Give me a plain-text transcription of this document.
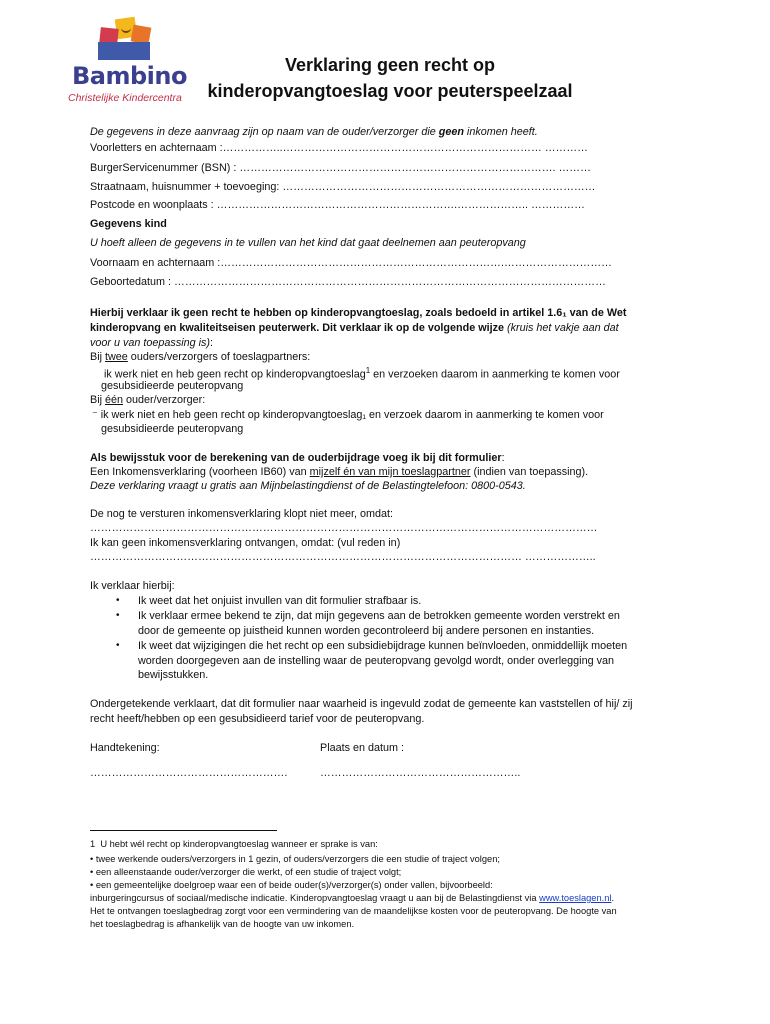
Bambino
Christelijke Kindercentra
Verklaring geen recht op
kinderopvangtoeslag voor peuterspeelzaal
De gegevens in deze aanvraag zijn op naam van de ouder/verzorger die geen inkomen heeft.
Voorletters en achternaam :……………..……………………………………………………………… …………
BurgerServicenummer (BSN) : ……………………………………………………………………………. ………
Straatnaam, huisnummer + toevoeging: ……………………………………………………………………………
Postcode en woonplaats : ………………………………………………………….……………….. ……………
Gegevens kind
U hoeft alleen de gegevens in te vullen van het kind dat gaat deelnemen aan peuteropvang
Voornaam en achternaam :…………………………………………………………………….…………………………
Geboortedatum : …………………………………………………………………………………………………………
Hierbij verklaar ik geen recht te hebben op kinderopvangtoeslag, zoals bedoeld in artikel 1.6₁ van de Wet
kinderopvang en kwaliteitseisen peuterwerk. Dit verklaar ik op de volgende wijze (kruis het vakje aan dat
voor u van toepassing is):
Bij twee ouders/verzorgers of toeslagpartners:
ik werk niet en heb geen recht op kinderopvangtoeslag$^1$ en verzoeken daarom in aanmerking te komen voor
gesubsidieerde peuteropvang
Bij één ouder/verzorger:
⁻ ik werk niet en heb geen recht op kinderopvangtoeslag₁ en verzoek daarom in aanmerking te komen voor
gesubsidieerde peuteropvang
Als bewijsstuk voor de berekening van de ouderbijdrage voeg ik bij dit formulier:
Een Inkomensverklaring (voorheen IB60) van mijzelf én van mijn toeslagpartner (indien van toepassing).
Deze verklaring vraagt u gratis aan Mijnbelastingdienst of de Belastingtelefoon: 0800-0543.
De nog te versturen inkomensverklaring klopt niet meer, omdat:
……………………………………………………………………………………………………………………………
Ik kan geen inkomensverklaring ontvangen, omdat: (vul reden in)
………………………………………………………………………………………………………… ………………..
Ik verklaar hierbij:
• Ik weet dat het onjuist invullen van dit formulier strafbaar is.
• Ik verklaar ermee bekend te zijn, dat mijn gegevens aan de betrokken gemeente worden verstrekt en
door de gemeente op juistheid kunnen worden gecontroleerd bij andere personen en instanties.
• Ik weet dat wijzigingen die het recht op een subsidiebijdrage kunnen beïnvloeden, onmiddellijk moeten
worden doorgegeven aan de instelling waar de peuteropvang gevolgd wordt, onder overlegging van
bewijsstukken.
Ondergetekende verklaart, dat dit formulier naar waarheid is ingevuld zodat de gemeente kan vaststellen of hij/ zij
recht heeft/hebben op een gesubsidieerd tarief voor de peuteropvang.
Handtekening:	Plaats en datum :
……………………………………………….	………………………………………………..
1 U hebt wél recht op kinderopvangtoeslag wanneer er sprake is van:
• twee werkende ouders/verzorgers in 1 gezin, of ouders/verzorgers die een studie of traject volgen;
• een alleenstaande ouder/verzorger die werkt, of een studie of traject volgt;
• een gemeentelijke doelgroep waar een of beide ouder(s)/verzorger(s) onder vallen, bijvoorbeeld:
inburgeringcursus of sociaal/medische indicatie. Kinderopvangtoeslag vraagt u aan bij de Belastingdienst via www.toeslagen.nl.
Het te ontvangen toeslagbedrag zorgt voor een vermindering van de maandelijkse kosten voor de peuteropvang. De hoogte van
het toeslagbedrag is afhankelijk van de hoogte van uw inkomen.
